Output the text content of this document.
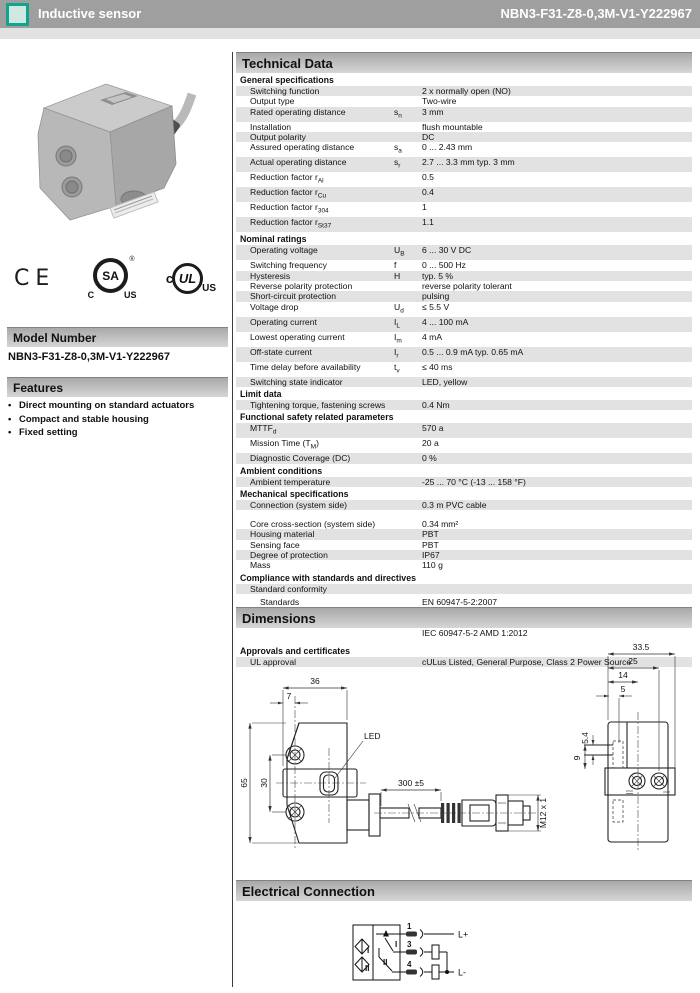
Inductive sensor	NBN3-F31-Z8-0,3M-V1-Y222967
CE	SA
C	US
®
c UL
US
Model Number
NBN3-F31-Z8-0,3M-V1-Y222967
Features
• Direct mounting on standard actuators
• Compact and stable housing
• Fixed setting
Technical Data
General specifications
Switching function	2 x normally open (NO)
Output type	Two-wire
Rated operating distance	$s_n$	3 mm
Installation	flush mountable
Output polarity	DC
Assured operating distance	$s_a$	0 ... 2.43 mm
Actual operating distance	$s_r$	2.7 ... 3.3 mm typ. 3 mm
Reduction factor $r_{Al}$	0.5
Reduction factor $r_{Cu}$	0.4
Reduction factor $r_{304}$	1
Reduction factor $r_{St37}$	1.1
Nominal ratings
Operating voltage	$U_B$	6 ... 30 V DC
Switching frequency	f	0 ... 500 Hz
Hysteresis	H	typ. 5 %
Reverse polarity protection	reverse polarity tolerant
Short-circuit protection	pulsing
Voltage drop	$U_d$	≤ 5.5 V
Operating current	$I_L$	4 ... 100 mA
Lowest operating current	$I_m$	4 mA
Off-state current	$I_r$	0.5 ... 0.9 mA typ. 0.65 mA
Time delay before availability	$t_v$	≤ 40 ms
Switching state indicator	LED, yellow
Limit data
Tightening torque, fastening screws	0.4 Nm
Functional safety related parameters
$MTTF_d$	570 a
Mission Time $(T_M)$	20 a
Diagnostic Coverage (DC)	0 %
Ambient conditions
Ambient temperature	-25 ... 70 °C (-13 ... 158 °F)
Mechanical specifications
Connection (system side)	0.3 m PVC cable
Core cross-section (system side)	0.34 mm²
Housing material	PBT
Sensing face	PBT
Degree of protection	IP67
Mass	110 g
Compliance with standards and directives
Standard conformity
Standards	EN 60947-5-2:2007
IEC 60947-5-2 AMD 1:2012
Approvals and certificates
UL approval	cULus Listed, General Purpose, Class 2 Power Source
Dimensions
36
7
65 30
LED
300 ±5
M12 x 1
33.5
25
14
5
5.4
9
Electrical Connection
I
II
I
II
1
3
4
L+
L-
